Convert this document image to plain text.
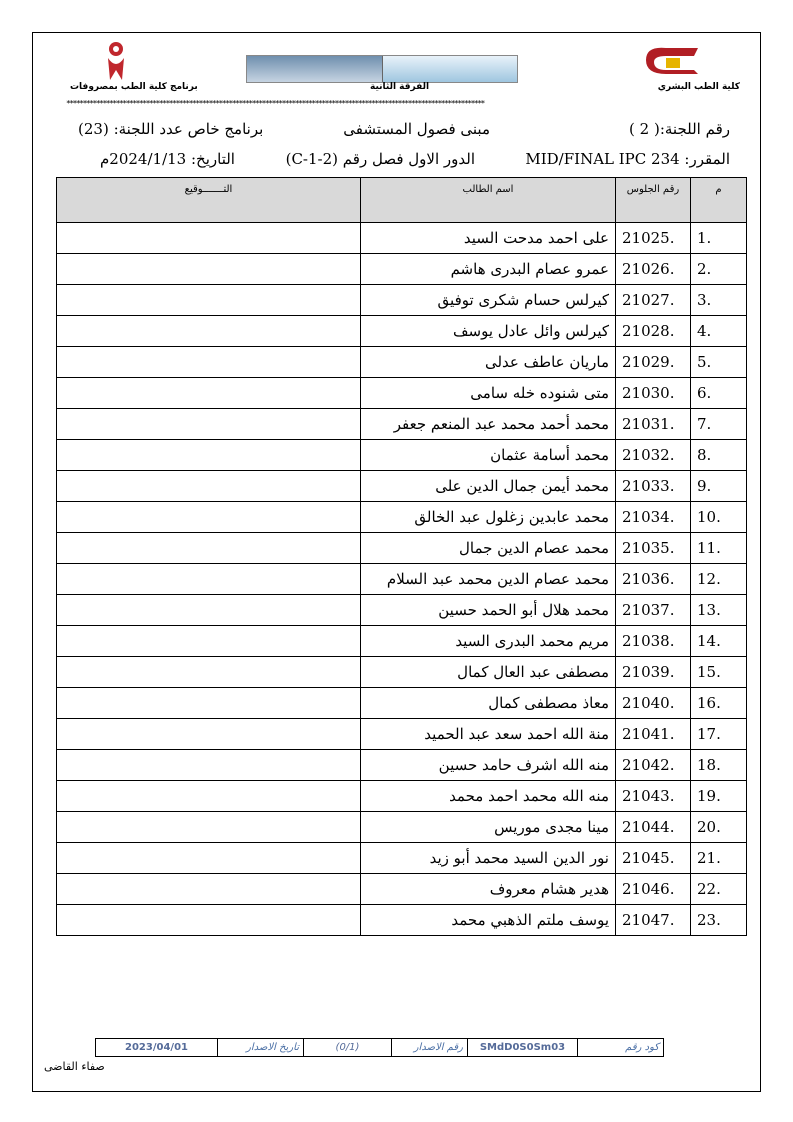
برنامج كلية الطب بمصروفات	الفرقة الثانية	كلية الطب البشري
******************************************************************************************************************************
رقم اللجنة:( 2 )
مبنى فصول المستشفى
برنامج خاص عدد اللجنة: (23)
المقرر: MID/FINAL IPC 234
الدور الاول فصل رقم (2-1-C)
التاريخ: 2024/1/13م
م	رقم الجلوس	اسم الطالب	التـــــــوقيع
1.	21025.	على احمد مدحت السيد	
2.	21026.	عمرو عصام البدرى هاشم	
3.	21027.	كيرلس حسام شكرى توفيق	
4.	21028.	كيرلس وائل عادل يوسف	
5.	21029.	ماريان عاطف عدلى	
6.	21030.	متى شنوده خله سامى	
7.	21031.	محمد أحمد محمد عبد المنعم جعفر	
8.	21032.	محمد أسامة عثمان	
9.	21033.	محمد أيمن جمال الدين على	
10.	21034.	محمد عابدين زغلول عبد الخالق	
11.	21035.	محمد عصام الدين جمال	
12.	21036.	محمد عصام الدين محمد عبد السلام	
13.	21037.	محمد هلال أبو الحمد حسين	
14.	21038.	مريم محمد البدرى السيد	
15.	21039.	مصطفى عبد العال كمال	
16.	21040.	معاذ مصطفى كمال	
17.	21041.	منة الله احمد سعد عبد الحميد	
18.	21042.	منه الله اشرف حامد حسين	
19.	21043.	منه الله محمد احمد محمد	
20.	21044.	مينا مجدى موريس	
21.	21045.	نور الدين السيد محمد أبو زيد	
22.	21046.	هدير هشام معروف	
23.	21047.	يوسف ملتم الذهبي محمد	
كود رقم	SMdD0S0Sm03	رقم الاصدار	(0/1)	تاريخ الاصدار	2023/04/01
صفاء القاضى
